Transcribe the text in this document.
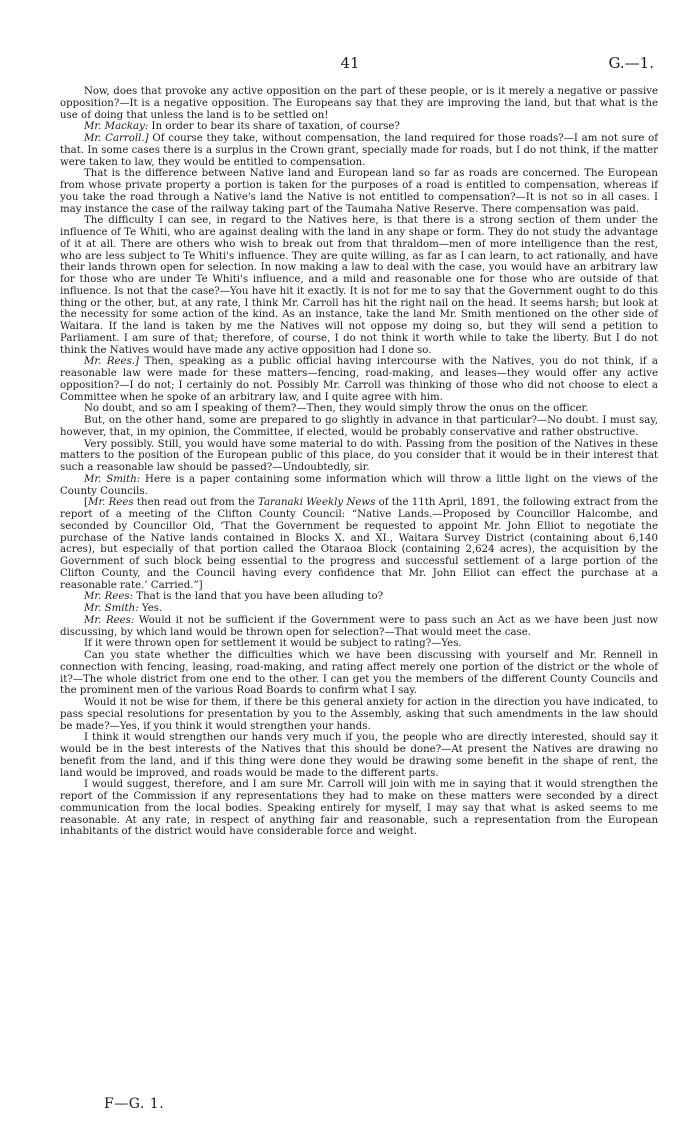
41	G.—1.

Now, does that provoke any active opposition on the part of these people, or is it merely a negative or passive opposition?—It is a negative opposition. The Europeans say that they are improving the land, but that what is the use of doing that unless the land is to be settled on!

Mr. Mackay: In order to bear its share of taxation, of course?

Mr. Carroll.] Of course they take, without compensation, the land required for those roads?—I am not sure of that. In some cases there is a surplus in the Crown grant, specially made for roads, but I do not think, if the matter were taken to law, they would be entitled to compensation.

That is the difference between Native land and European land so far as roads are concerned. The European from whose private property a portion is taken for the purposes of a road is entitled to compensation, whereas if you take the road through a Native's land the Native is not entitled to compensation?—It is not so in all cases. I may instance the case of the railway taking part of the Taumaha Native Reserve. There compensation was paid.

The difficulty I can see, in regard to the Natives here, is that there is a strong section of them under the influence of Te Whiti, who are against dealing with the land in any shape or form. They do not study the advantage of it at all. There are others who wish to break out from that thraldom—men of more intelligence than the rest, who are less subject to Te Whiti's influence. They are quite willing, as far as I can learn, to act rationally, and have their lands thrown open for selection. In now making a law to deal with the case, you would have an arbitrary law for those who are under Te Whiti's influence, and a mild and reasonable one for those who are outside of that influence. Is not that the case?—You have hit it exactly. It is not for me to say that the Government ought to do this thing or the other, but, at any rate, I think Mr. Carroll has hit the right nail on the head. It seems harsh; but look at the necessity for some action of the kind. As an instance, take the land Mr. Smith mentioned on the other side of Waitara. If the land is taken by me the Natives will not oppose my doing so, but they will send a petition to Parliament. I am sure of that; therefore, of course, I do not think it worth while to take the liberty. But I do not think the Natives would have made any active opposition had I done so.

Mr. Rees.] Then, speaking as a public official having intercourse with the Natives, you do not think, if a reasonable law were made for these matters—fencing, road-making, and leases—they would offer any active opposition?—I do not; I certainly do not. Possibly Mr. Carroll was thinking of those who did not choose to elect a Committee when he spoke of an arbitrary law, and I quite agree with him.

No doubt, and so am I speaking of them?—Then, they would simply throw the onus on the officer.

But, on the other hand, some are prepared to go slightly in advance in that particular?—No doubt. I must say, however, that, in my opinion, the Committee, if elected, would be probably conservative and rather obstructive.

Very possibly. Still, you would have some material to do with. Passing from the position of the Natives in these matters to the position of the European public of this place, do you consider that it would be in their interest that such a reasonable law should be passed?—Undoubtedly, sir.

Mr. Smith: Here is a paper containing some information which will throw a little light on the views of the County Councils.

[Mr. Rees then read out from the Taranaki Weekly News of the 11th April, 1891, the following extract from the report of a meeting of the Clifton County Council: “Native Lands.—Proposed by Councillor Halcombe, and seconded by Councillor Old, ‘That the Government be requested to appoint Mr. John Elliot to negotiate the purchase of the Native lands contained in Blocks X. and XI., Waitara Survey District (containing about 6,140 acres), but especially of that portion called the Otaraoa Block (containing 2,624 acres), the acquisition by the Government of such block being essential to the progress and successful settlement of a large portion of the Clifton County, and the Council having every confidence that Mr. John Elliot can effect the purchase at a reasonable rate.’ Carried.”]

Mr. Rees: That is the land that you have been alluding to?

Mr. Smith: Yes.

Mr. Rees: Would it not be sufficient if the Government were to pass such an Act as we have been just now discussing, by which land would be thrown open for selection?—That would meet the case.

If it were thrown open for settlement it would be subject to rating?—Yes.

Can you state whether the difficulties which we have been discussing with yourself and Mr. Rennell in connection with fencing, leasing, road-making, and rating affect merely one portion of the district or the whole of it?—The whole district from one end to the other. I can get you the members of the different County Councils and the prominent men of the various Road Boards to confirm what I say.

Would it not be wise for them, if there be this general anxiety for action in the direction you have indicated, to pass special resolutions for presentation by you to the Assembly, asking that such amendments in the law should be made?—Yes, if you think it would strengthen your hands.

I think it would strengthen our hands very much if you, the people who are directly interested, should say it would be in the best interests of the Natives that this should be done?—At present the Natives are drawing no benefit from the land, and if this thing were done they would be drawing some benefit in the shape of rent, the land would be improved, and roads would be made to the different parts.

I would suggest, therefore, and I am sure Mr. Carroll will join with me in saying that it would strengthen the report of the Commission if any representations they had to make on these matters were seconded by a direct communication from the local bodies. Speaking entirely for myself, I may say that what is asked seems to me reasonable. At any rate, in respect of anything fair and reasonable, such a representation from the European inhabitants of the district would have considerable force and weight.

F—G. 1.
